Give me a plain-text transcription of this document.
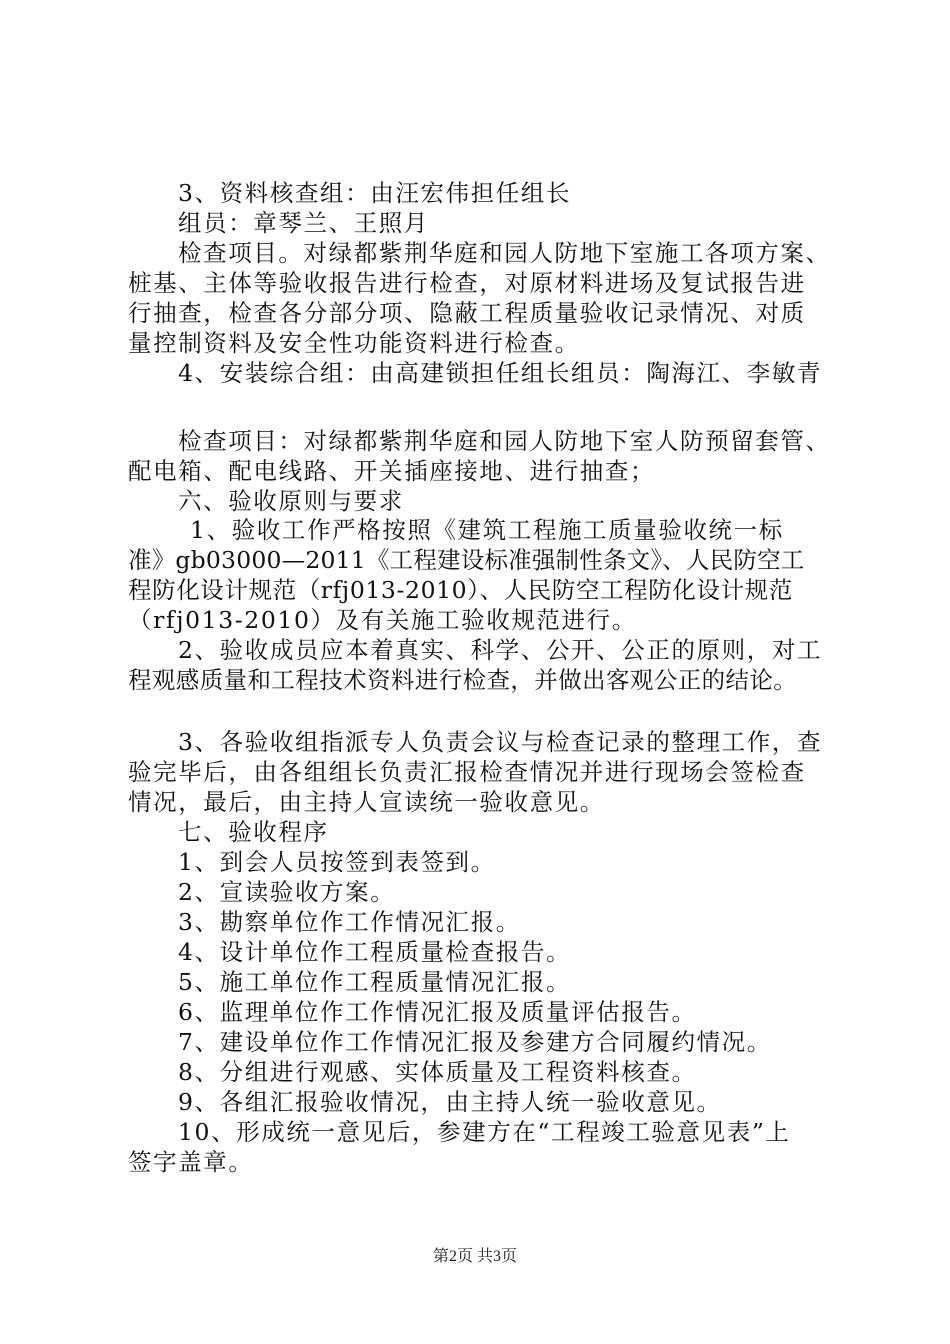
3、资料核查组：由汪宏伟担任组长
组员：章琴兰、王照月
检查项目。对绿都紫荆华庭和园人防地下室施工各项方案、
桩基、主体等验收报告进行检查，对原材料进场及复试报告进
行抽查，检查各分部分项、隐蔽工程质量验收记录情况、对质
量控制资料及安全性功能资料进行检查。
4、安装综合组：由高建锁担任组长组员：陶海江、李敏青
检查项目：对绿都紫荆华庭和园人防地下室人防预留套管、
配电箱、配电线路、开关插座接地、进行抽查；
六、验收原则与要求
1、验收工作严格按照《建筑工程施工质量验收统一标
准》gb03000—2011《工程建设标准强制性条文》、人民防空工
程防化设计规范（rfj013-2010）、人民防空工程防化设计规范
（rfj013-2010）及有关施工验收规范进行。
2、验收成员应本着真实、科学、公开、公正的原则，对工
程观感质量和工程技术资料进行检查，并做出客观公正的结论。
3、各验收组指派专人负责会议与检查记录的整理工作，查
验完毕后，由各组组长负责汇报检查情况并进行现场会签检查
情况，最后，由主持人宣读统一验收意见。
七、验收程序
1、到会人员按签到表签到。
2、宣读验收方案。
3、勘察单位作工作情况汇报。
4、设计单位作工程质量检查报告。
5、施工单位作工程质量情况汇报。
6、监理单位作工作情况汇报及质量评估报告。
7、建设单位作工作情况汇报及参建方合同履约情况。
8、分组进行观感、实体质量及工程资料核查。
9、各组汇报验收情况，由主持人统一验收意见。
10、形成统一意见后，参建方在“工程竣工验意见表”上
签字盖章。
第2页 共3页
